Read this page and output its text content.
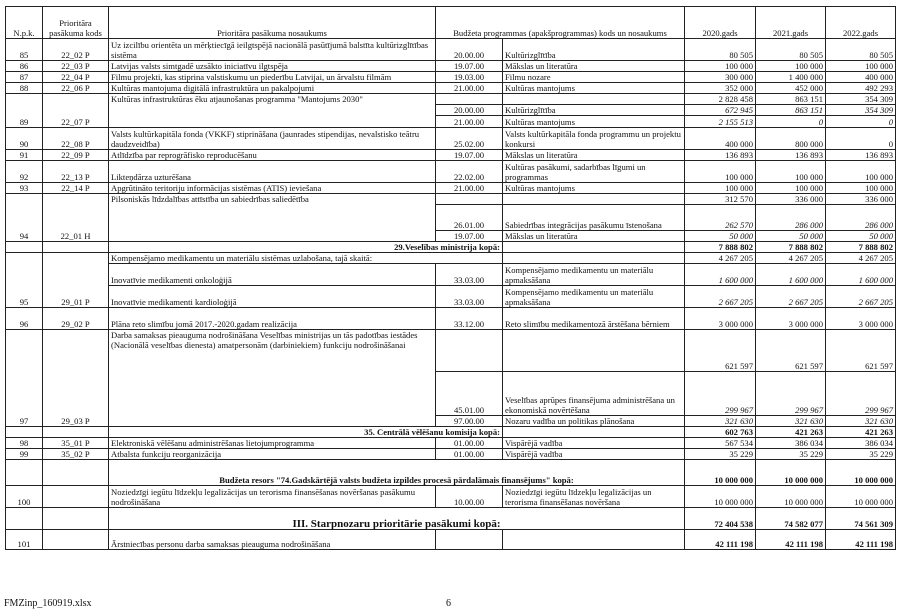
N.p.k.	Prioritāra pasākuma kods	Prioritāra pasākuma nosaukums	Budžeta programmas (apakšprogrammas) kods un nosaukums		2020.gads	2021.gads	2022.gads
85	22_02 P	Uz izcilību orientēta un mērķtiecīgā ieilgtspējā nacionālā pasūtījumā balstīta kultūrizglītības sistēma	20.00.00	Kultūrizglītība	80 505	80 505	80 505
86	22_03 P	Latvijas valsts simtgadē uzsākto iniciatīvu ilgtspēja	19.07.00	Mākslas un literatūra	100 000	100 000	100 000
87	22_04 P	Filmu projekti, kas stiprina valstiskumu un piederību Latvijai, un ārvalstu filmām	19.03.00	Filmu nozare	300 000	1 400 000	400 000
88	22_06 P	Kultūras mantojuma digitālā infrastruktūra un pakalpojumi	21.00.00	Kultūras mantojums	352 000	452 000	492 293
89	22_07 P	Kultūras infrastruktūras ēku atjaunošanas programma "Mantojums 2030"			2 828 458	863 151	354 309
			20.00.00	Kultūrizglītība	672 945	863 151	354 309
			21.00.00	Kultūras mantojums	2 155 513	0	0
90	22_08 P	Valsts kultūrkapitāla fonda (VKKF) stiprināšana (jaunrades stipendijas, nevalstisko teātru daudzveidība)	25.02.00	Valsts kultūrkapitāla fonda programmu un projektu konkursi	400 000	800 000	0
91	22_09 P	Atlīdzība par reprogrāfisko reproducēšanu	19.07.00	Mākslas un literatūra	136 893	136 893	136 893
92	22_13 P	Likteņdārza uzturēšana	22.02.00	Kultūras pasākumi, sadarbības līgumi un programmas	100 000	100 000	100 000
93	22_14 P	Apgrūtināto teritoriju informācijas sistēmas (ATIS) ieviešana	21.00.00	Kultūras mantojums	100 000	100 000	100 000
94	22_01 H	Pilsoniskās līdzdalības attīstība un sabiedrības saliedētība			312 570	336 000	336 000
			26.01.00	Sabiedrības integrācijas pasākumu īstenošana	262 570	286 000	286 000
			19.07.00	Mākslas un literatūra	50 000	50 000	50 000
		29.Veselības ministrija kopā:			7 888 802	7 888 802	7 888 802
95	29_01 P	Kompensējamo medikamentu un materiālu sistēmas uzlabošana, tajā skaitā:			4 267 205	4 267 205	4 267 205
		Inovatīvie medikamenti onkoloģijā	33.03.00	Kompensējamo medikamentu un materiālu apmaksāšana	1 600 000	1 600 000	1 600 000
		Inovatīvie medikamenti kardioloģijā	33.03.00	Kompensējamo medikamentu un materiālu apmaksāšana	2 667 205	2 667 205	2 667 205
96	29_02 P	Plāna reto slimību jomā 2017.-2020.gadam realizācija	33.12.00	Reto slimību medikamentozā ārstēšana bērniem	3 000 000	3 000 000	3 000 000
97	29_03 P	Darba samaksas pieauguma nodrošināšana Veselības ministrijas un tās padotības iestādes (Nacionālā veselības dienesta) amatpersonām (darbiniekiem) funkciju nodrošināšanai			621 597	621 597	621 597
			45.01.00	Veselības aprūpes finansējuma administrēšana un ekonomiskā novērtēšana	299 967	299 967	299 967
			97.00.00	Nozaru vadība un politikas plānošana	321 630	321 630	321 630
		35. Centrālā vēlēšanu komisija kopā:			602 763	421 263	421 263
98	35_01 P	Elektroniskā vēlēšanu administrēšanas lietojumprogramma	01.00.00	Vispārējā vadība	567 534	386 034	386 034
99	35_02 P	Atbalsta funkciju reorganizācija	01.00.00	Vispārējā vadība	35 229	35 229	35 229
		Budžeta resors "74.Gadskārtējā valsts budžeta izpildes procesā pārdalāmais finansējums" kopā:			10 000 000	10 000 000	10 000 000
100		Noziedzīgi iegūtu līdzekļu legalizācijas un terorisma finansēšanas novēršanas pasākumu nodrošināšana	10.00.00	Noziedzīgi iegūtu līdzekļu legalizācijas un terorisma finansēšanas novēršana	10 000 000	10 000 000	10 000 000
		III. Starpnozaru prioritārie pasākumi kopā:			72 404 538	74 582 077	74 561 309
101		Ārstniecības personu darba samaksas pieauguma nodrošināšana			42 111 198	42 111 198	42 111 198
FMZinp_160919.xlsx	6
